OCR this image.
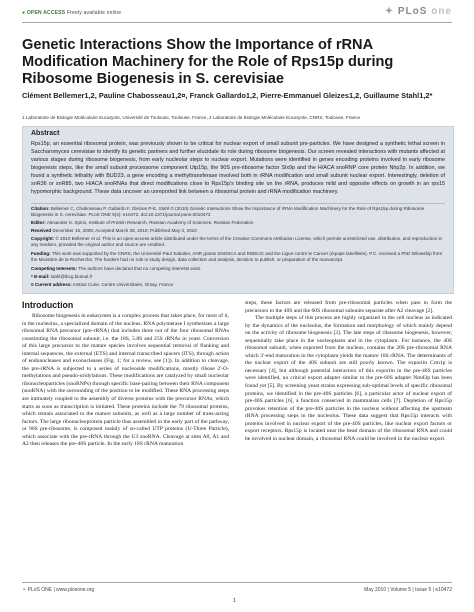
● OPEN ACCESS Freely available online	✦ PLoS one
Genetic Interactions Show the Importance of rRNA Modification Machinery for the Role of Rps15p during Ribosome Biogenesis in S. cerevisiae
Clément Bellemer1,2, Pauline Chabosseau1,2¤, Franck Gallardo1,2, Pierre-Emmanuel Gleizes1,2, Guillaume Stahl1,2*
1 Laboratoire de Biologie Moléculaire Eucaryote, Université de Toulouse, Toulouse, France, 2 Laboratoire de Biologie Moléculaire Eucaryote, CNRS, Toulouse, France
Abstract
Rps15p, an essential ribosomal protein, was previously shown to be critical for nuclear export of small subunit pre-particles. We have designed a synthetic lethal screen in Saccharomyces cerevisiae to identify its genetic partners and further elucidate its role during ribosome biogenesis. Our screen revealed interactions with mutants affected at various stages during ribosome biogenesis, from early nucleolar steps to nuclear export. Mutations were identified in genes encoding proteins involved in early ribosome biogenesis steps, like the small subunit processome component Utp15p, the 90S pre-ribosome factor Slx9p and the H/ACA snoRNP core protein Nhp2p. In addition, we found a synthetic lethality with BUD23, a gene encoding a methyltransferase involved both in rRNA modification and small subunit nuclear export. Interestingly, deletion of snR36 or snR85, two H/ACA snoRNAs that direct modifications close to Rps15p's binding site on the rRNA, produces mild and opposite effects on growth in an rps15 hypomorphic background. These data uncover an unreported link between a ribosomal protein and rRNA modification machinery.
Citation: Bellemer C, Chabosseau P, Gallardo F, Gleizes P-E, Stahl G (2010) Genetic Interactions Show the Importance of rRNA Modification Machinery for the Role of Rps15p during Ribosome Biogenesis in S. cerevisiae. PLoS ONE 5(4): e10472. doi:10.1371/journal.pone.0010472
Editor: Alexander S. Spirin, Institute of Protein Research, Russian Academy of Sciences, Russian Federation
Received December 16, 2009; Accepted March 28, 2010; Published May 3, 2010
Copyright: © 2010 Bellemer et al. This is an open-access article distributed under the terms of the Creative Commons Attribution License, which permits unrestricted use, distribution, and reproduction in any medium, provided the original author and source are credited.
Funding: This work was supported by the CNRS, the Université Paul Sabatier, ANR grants SNOSCA and RIBEUC and the Ligue contre le Cancer (équipe labellisée). P.C. received a PhD fellowship from the Ministère de la Recherche. The funders had no role in study design, data collection and analysis, decision to publish, or preparation of the manuscript.
Competing Interests: The authors have declared that no competing interests exist.
* E-mail: stahl@ibcg.biotoul.fr
¤ Current address: Institut Curie, Centre Universitaire, Orsay, France
Introduction

Ribosome biogenesis in eukaryotes is a complex process that takes place, for most of it, in the nucleolus, a specialized domain of the nucleus. RNA polymerase I synthesizes a large ribosomal RNA precursor (pre-rRNA) that includes three out of the four ribosomal RNAs constituting the ribosomal subunit, i.e. the 18S, 5.8S and 25S rRNAs in yeast. Conversion of this large precursor to the mature species involves sequential removal of flanking and internal sequences, the external (ETS) and internal transcribed spacers (ITS), through action of endonucleases and exonucleases (Fig. 1; for a review, see [1]). In addition to cleavage, the pre-rRNA is subjected to a series of nucleoside modifications, mostly ribose 2'-O-methylations and pseudo-uridylations. These modifications are catalyzed by small nucleolar ribonucleoparticles (snoRNPs) through specific base-pairing between their RNA component (snoRNA) with the surrounding of the position to be modified. These RNA processing steps are intimately coupled to the assembly of diverse proteins with the precursor RNAs, which starts as soon as transcription is initiated. These proteins include the 79 ribosomal proteins, which remain associated to the mature subunits, as well as a large number of trans-acting factors. The large ribonucleoprotein particle thus assembled in the early part of the pathway, or 90S pre-ribosome, is composed mainly of so-called UTP proteins (U-Three Particle), which associate with the pre-rRNA through the U3 snoRNA. Cleavage at sites A0, A1 and A2 then releases the pre-40S particle. In the early 18S rRNA maturation

steps, these factors are released from pre-ribosomal particles when pass to form the precursors to the 40S and the 60S ribosomal subunits separate after A2 cleavage [2].

The multiple steps of this process are highly organized in the cell nucleus as indicated by the dynamics of the nucleolus, the formation and morphology of which mainly depend on the activity of ribosome biogenesis [3]. The late steps of ribosome biogenesis, however, sequentially take place in the nucleoplasm and in the cytoplasm. For instance, the 40S ribosomal subunit, when exported from the nucleus, contains the 20S pre-ribosomal RNA which 3'-end maturation in the cytoplasm yields the mature 18S rRNA. The determinants of the nuclear export of the 40S subunit are still poorly known. The exportin Crm1p is necessary [4], but although potential interactors of this exportin in the pre-40S particles were identified, no critical export adapter similar to the pre-60S adapter Nmd3p has been found yet [5]. By screening yeast strains expressing sub-optimal levels of specific ribosomal proteins, we identified in the pre-40S particles [6], a particular actor of nuclear export of pre-40S particles [6], a function conserved in mammalian cells [7]. Depletion of Rps15p provokes retention of the pre-40S particles in the nucleus without affecting the upstream rRNA processing steps in the nucleolus. These data suggest that Rps15p interacts with proteins involved in nuclear export of the pre-40S particles, like nuclear export factors or export receptors. Rps15p is located near the head domain of the ribosomal RNA and could be involved in nuclear domain, a ribosomal RNA could be involved in the nuclear export.

✦ PLoS ONE | www.plosone.org	May 2010 | Volume 5 | Issue 5 | e10472
1
